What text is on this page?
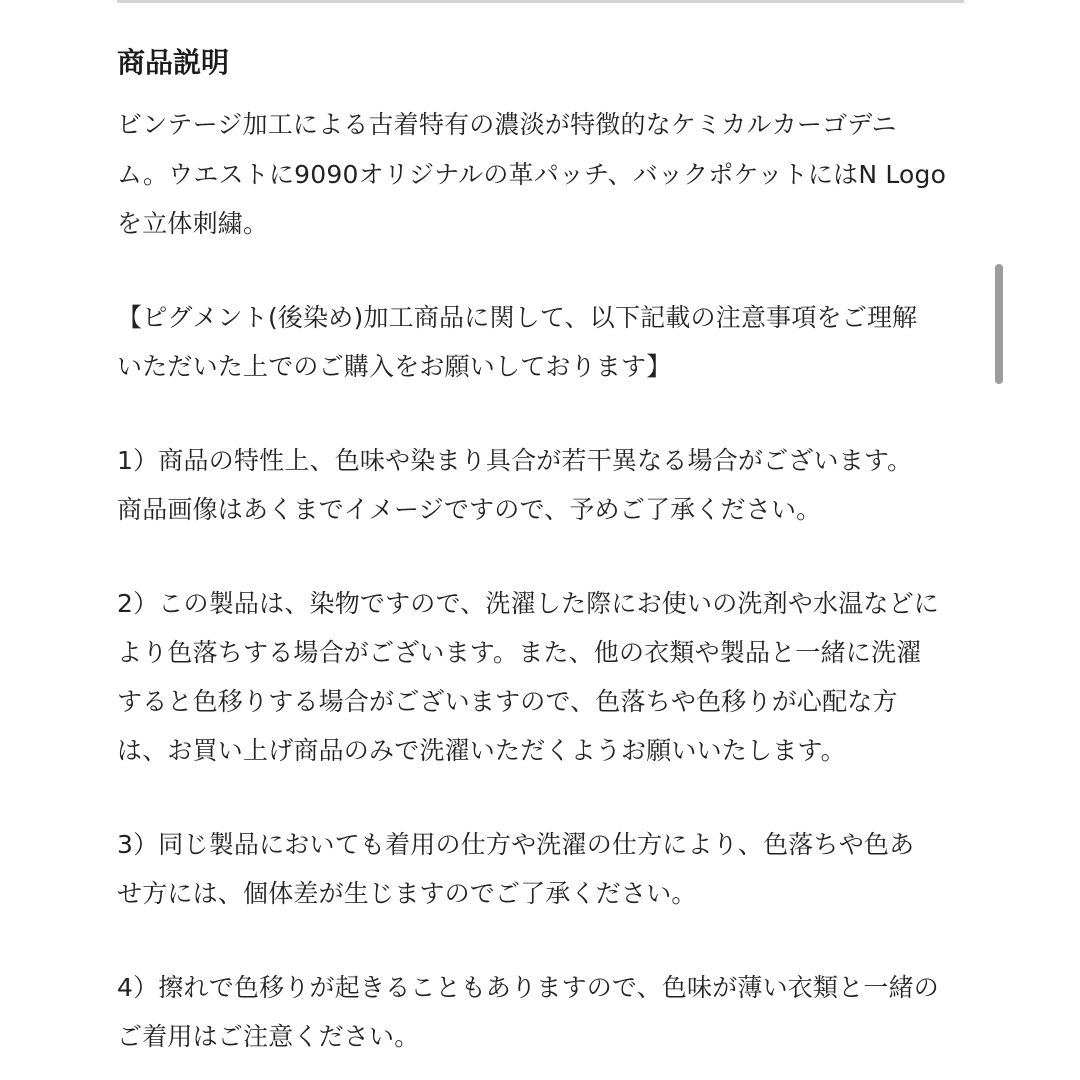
商品説明

ビンテージ加工による古着特有の濃淡が特徴的なケミカルカーゴデニ

ム。ウエストに9090オリジナルの革パッチ、バックポケットにはN Logo

を立体刺繍。

【ピグメント(後染め)加工商品に関して、以下記載の注意事項をご理解

いただいた上でのご購入をお願いしております】

1）商品の特性上、色味や染まり具合が若干異なる場合がございます。

商品画像はあくまでイメージですので、予めご了承ください。

2）この製品は、染物ですので、洗濯した際にお使いの洗剤や水温などに

より色落ちする場合がございます。また、他の衣類や製品と一緒に洗濯

すると色移りする場合がございますので、色落ちや色移りが心配な方

は、お買い上げ商品のみで洗濯いただくようお願いいたします。

3）同じ製品においても着用の仕方や洗濯の仕方により、色落ちや色あ

せ方には、個体差が生じますのでご了承ください。

4）擦れで色移りが起きることもありますので、色味が薄い衣類と一緒の

ご着用はご注意ください。
